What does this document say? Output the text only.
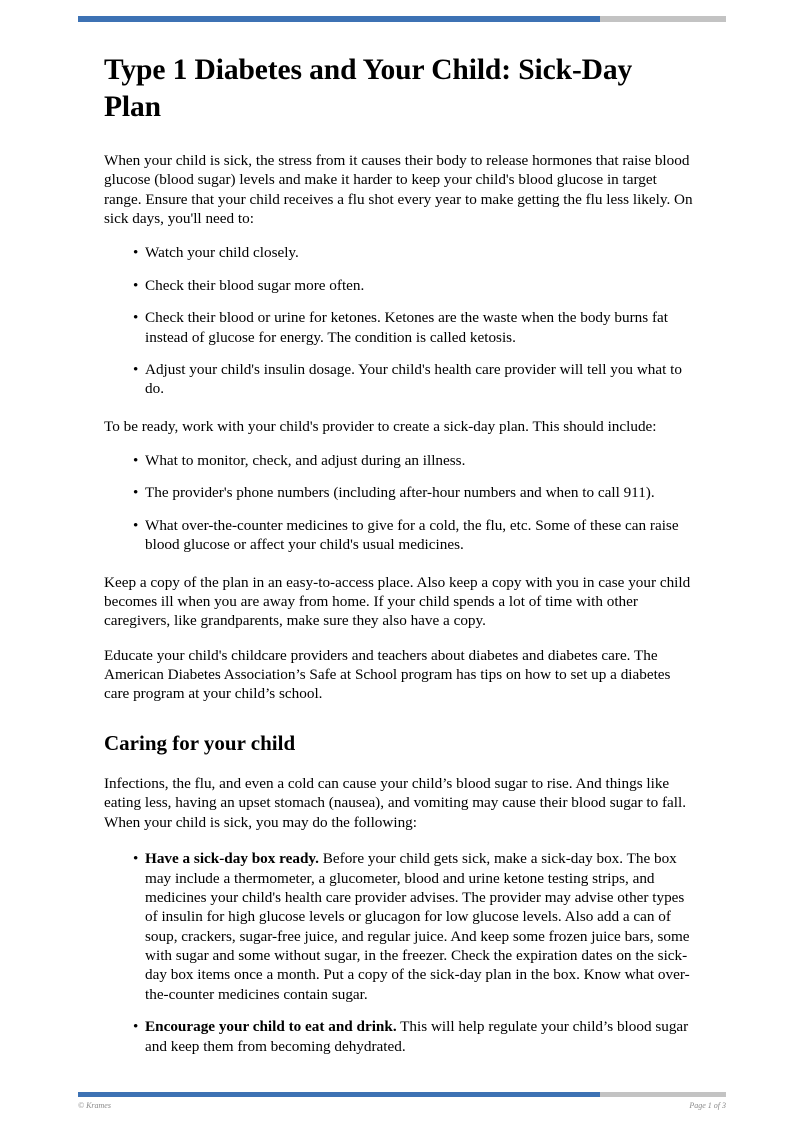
Type 1 Diabetes and Your Child: Sick-Day Plan

When your child is sick, the stress from it causes their body to release hormones that raise blood glucose (blood sugar) levels and make it harder to keep your child's blood glucose in target range. Ensure that your child receives a flu shot every year to make getting the flu less likely. On sick days, you'll need to:

• Watch your child closely.
• Check their blood sugar more often.
• Check their blood or urine for ketones. Ketones are the waste when the body burns fat instead of glucose for energy. The condition is called ketosis.
• Adjust your child's insulin dosage. Your child's health care provider will tell you what to do.

To be ready, work with your child's provider to create a sick-day plan. This should include:

• What to monitor, check, and adjust during an illness.
• The provider's phone numbers (including after-hour numbers and when to call 911).
• What over-the-counter medicines to give for a cold, the flu, etc. Some of these can raise blood glucose or affect your child's usual medicines.

Keep a copy of the plan in an easy-to-access place. Also keep a copy with you in case your child becomes ill when you are away from home. If your child spends a lot of time with other caregivers, like grandparents, make sure they also have a copy.

Educate your child's childcare providers and teachers about diabetes and diabetes care. The American Diabetes Association’s Safe at School program has tips on how to set up a diabetes care program at your child’s school.

Caring for your child

Infections, the flu, and even a cold can cause your child’s blood sugar to rise. And things like eating less, having an upset stomach (nausea), and vomiting may cause their blood sugar to fall. When your child is sick, you may do the following:

• Have a sick-day box ready. Before your child gets sick, make a sick-day box. The box may include a thermometer, a glucometer, blood and urine ketone testing strips, and medicines your child's health care provider advises. The provider may advise other types of insulin for high glucose levels or glucagon for low glucose levels. Also add a can of soup, crackers, sugar-free juice, and regular juice. And keep some frozen juice bars, some with sugar and some without sugar, in the freezer. Check the expiration dates on the sick-day box items once a month. Put a copy of the sick-day plan in the box. Know what over-the-counter medicines contain sugar.
• Encourage your child to eat and drink. This will help regulate your child’s blood sugar and keep them from becoming dehydrated.
© Krames	Page 1 of 3
